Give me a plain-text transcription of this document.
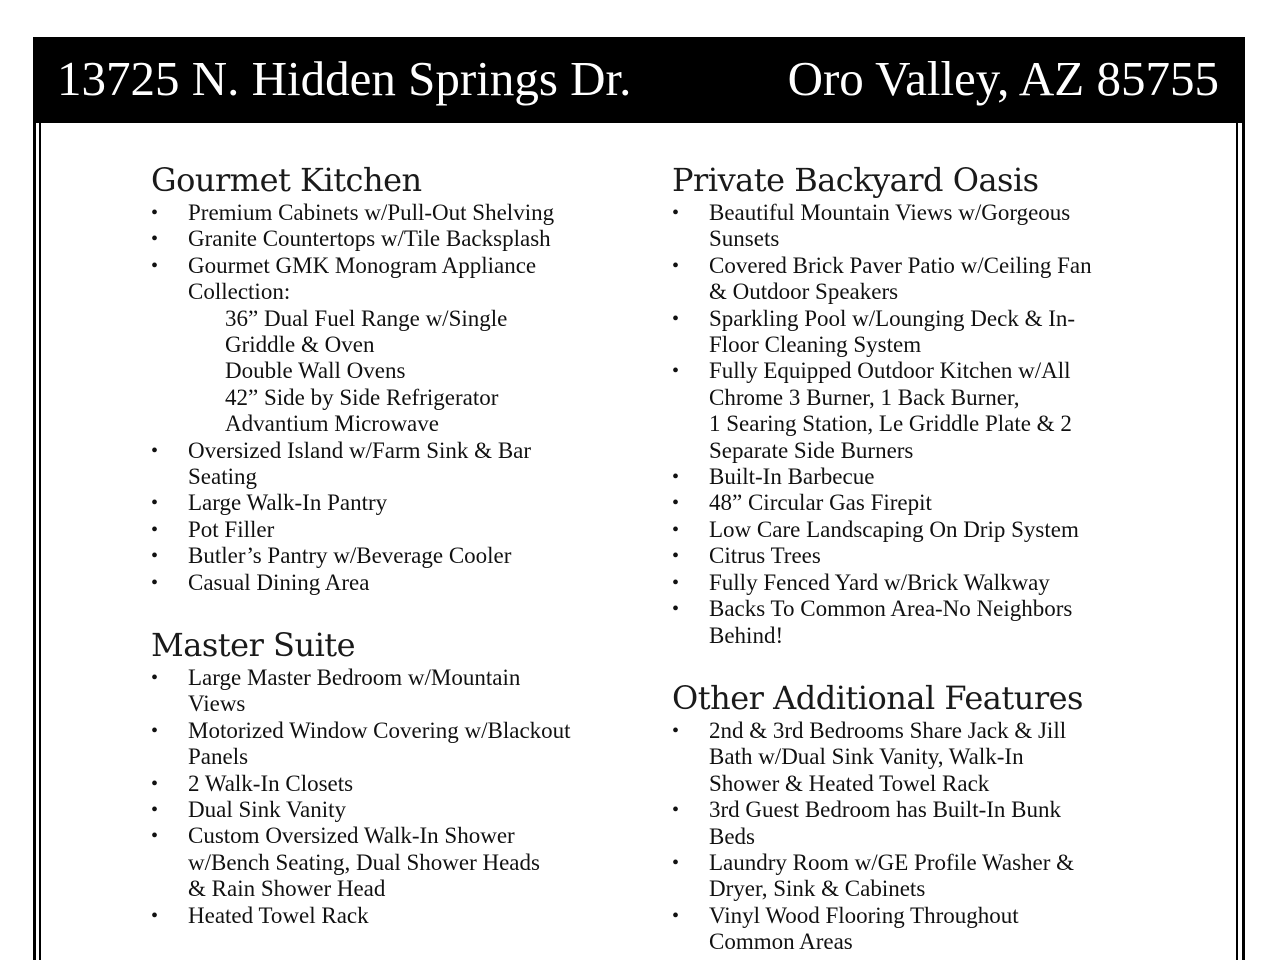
13725 N. Hidden Springs Dr.	Oro Valley, AZ 85755
Gourmet Kitchen
• Premium Cabinets w/Pull-Out Shelving
• Granite Countertops w/Tile Backsplash
• Gourmet GMK Monogram Appliance
Collection:
36” Dual Fuel Range w/Single
Griddle & Oven
Double Wall Ovens
42” Side by Side Refrigerator
Advantium Microwave
• Oversized Island w/Farm Sink & Bar
Seating
• Large Walk-In Pantry
• Pot Filler
• Butler’s Pantry w/Beverage Cooler
• Casual Dining Area
Master Suite
• Large Master Bedroom w/Mountain
Views
• Motorized Window Covering w/Blackout
Panels
• 2 Walk-In Closets
• Dual Sink Vanity
• Custom Oversized Walk-In Shower
w/Bench Seating, Dual Shower Heads
& Rain Shower Head
• Heated Towel Rack
Private Backyard Oasis
• Beautiful Mountain Views w/Gorgeous
Sunsets
• Covered Brick Paver Patio w/Ceiling Fan
& Outdoor Speakers
• Sparkling Pool w/Lounging Deck & In-
Floor Cleaning System
• Fully Equipped Outdoor Kitchen w/All
Chrome 3 Burner, 1 Back Burner,
1 Searing Station, Le Griddle Plate & 2
Separate Side Burners
• Built-In Barbecue
• 48” Circular Gas Firepit
• Low Care Landscaping On Drip System
• Citrus Trees
• Fully Fenced Yard w/Brick Walkway
• Backs To Common Area-No Neighbors
Behind!
Other Additional Features
• 2nd & 3rd Bedrooms Share Jack & Jill
Bath w/Dual Sink Vanity, Walk-In
Shower & Heated Towel Rack
• 3rd Guest Bedroom has Built-In Bunk
Beds
• Laundry Room w/GE Profile Washer &
Dryer, Sink & Cabinets
• Vinyl Wood Flooring Throughout
Common Areas
